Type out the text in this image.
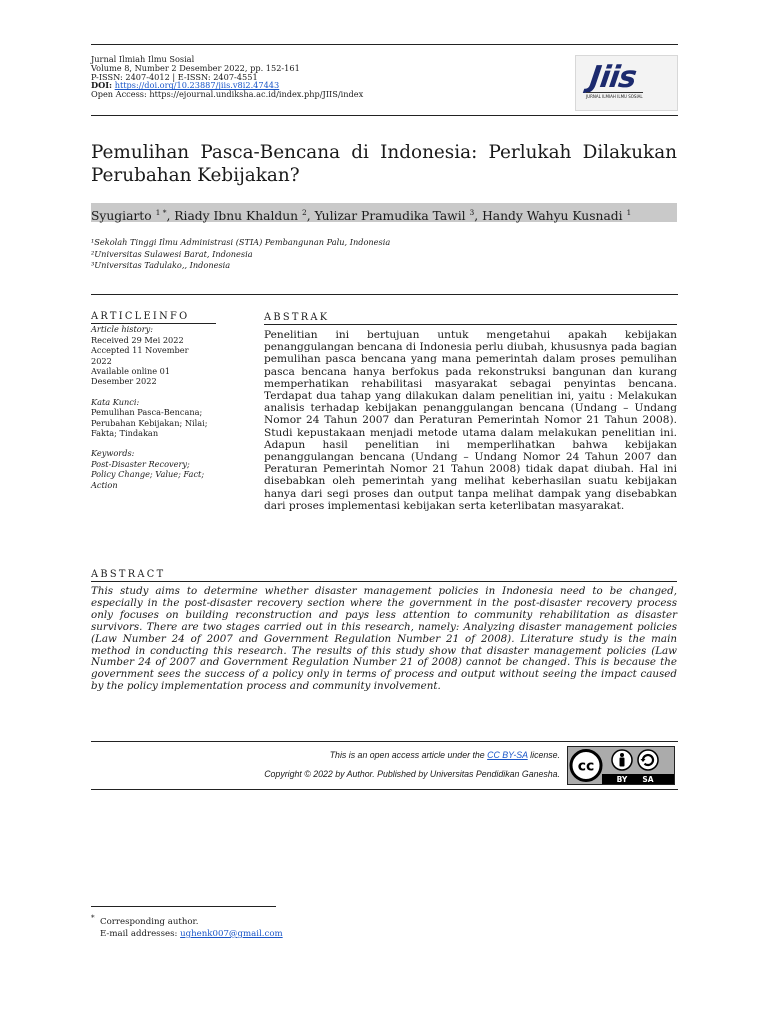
Jurnal Ilmiah Ilmu Sosial
Volume 8, Number 2 Desember 2022, pp. 152-161
P-ISSN: 2407-4012 | E-ISSN: 2407-4551
DOI: https://doi.org/10.23887/jiis.v8i2.47443
Open Access: https://ejournal.undiksha.ac.id/index.php/JIIS/index	Jiis
JURNAL ILMIAH ILMU SOSIAL
Pemulihan Pasca-Bencana di Indonesia: Perlukah Dilakukan
Perubahan Kebijakan?
Syugiarto $^{1 *}$, Riady Ibnu Khaldun $^2$, Yulizar Pramudika Tawil $^3$, Handy Wahyu Kusnadi $^1$
¹Sekolah Tinggi Ilmu Administrasi (STIA) Pembangunan Palu, Indonesia
²Universitas Sulawesi Barat, Indonesia
³Universitas Tadulako,, Indonesia
ARTICLEINFO
Article history:
Received 29 Mei 2022
Accepted 11 November
2022
Available online 01
Desember 2022
Kata Kunci:
Pemulihan Pasca-Bencana;
Perubahan Kebijakan; Nilai;
Fakta; Tindakan
Keywords:
Post-Disaster Recovery;
Policy Change; Value; Fact;
Action
ABSTRAK
Penelitian ini bertujuan untuk mengetahui apakah kebijakan penanggulangan bencana di Indonesia perlu diubah, khususnya pada bagian pemulihan pasca bencana yang mana pemerintah dalam proses pemulihan pasca bencana hanya berfokus pada rekonstruksi bangunan dan kurang memperhatikan rehabilitasi masyarakat sebagai penyintas bencana. Terdapat dua tahap yang dilakukan dalam penelitian ini, yaitu : Melakukan analisis terhadap kebijakan penanggulangan bencana (Undang – Undang Nomor 24 Tahun 2007 dan Peraturan Pemerintah Nomor 21 Tahun 2008). Studi kepustakaan menjadi metode utama dalam melakukan penelitian ini. Adapun hasil penelitian ini memperlihatkan bahwa kebijakan penanggulangan bencana (Undang – Undang Nomor 24 Tahun 2007 dan Peraturan Pemerintah Nomor 21 Tahun 2008) tidak dapat diubah. Hal ini disebabkan oleh pemerintah yang melihat keberhasilan suatu kebijakan hanya dari segi proses dan output tanpa melihat dampak yang disebabkan dari proses implementasi kebijakan serta keterlibatan masyarakat.
ABSTRACT
This study aims to determine whether disaster management policies in Indonesia need to be changed, especially in the post-disaster recovery section where the government in the post-disaster recovery process only focuses on building reconstruction and pays less attention to community rehabilitation as disaster survivors. There are two stages carried out in this research, namely: Analyzing disaster management policies (Law Number 24 of 2007 and Government Regulation Number 21 of 2008). Literature study is the main method in conducting this research. The results of this study show that disaster management policies (Law Number 24 of 2007 and Government Regulation Number 21 of 2008) cannot be changed. This is because the government sees the success of a policy only in terms of process and output without seeing the impact caused by the policy implementation process and community involvement.
This is an open access article under the CC BY-SA license.
Copyright © 2022 by Author. Published by Universitas Pendidikan Ganesha. cc
BY SA
* Corresponding author.
E-mail addresses: ughenk007@gmail.com
